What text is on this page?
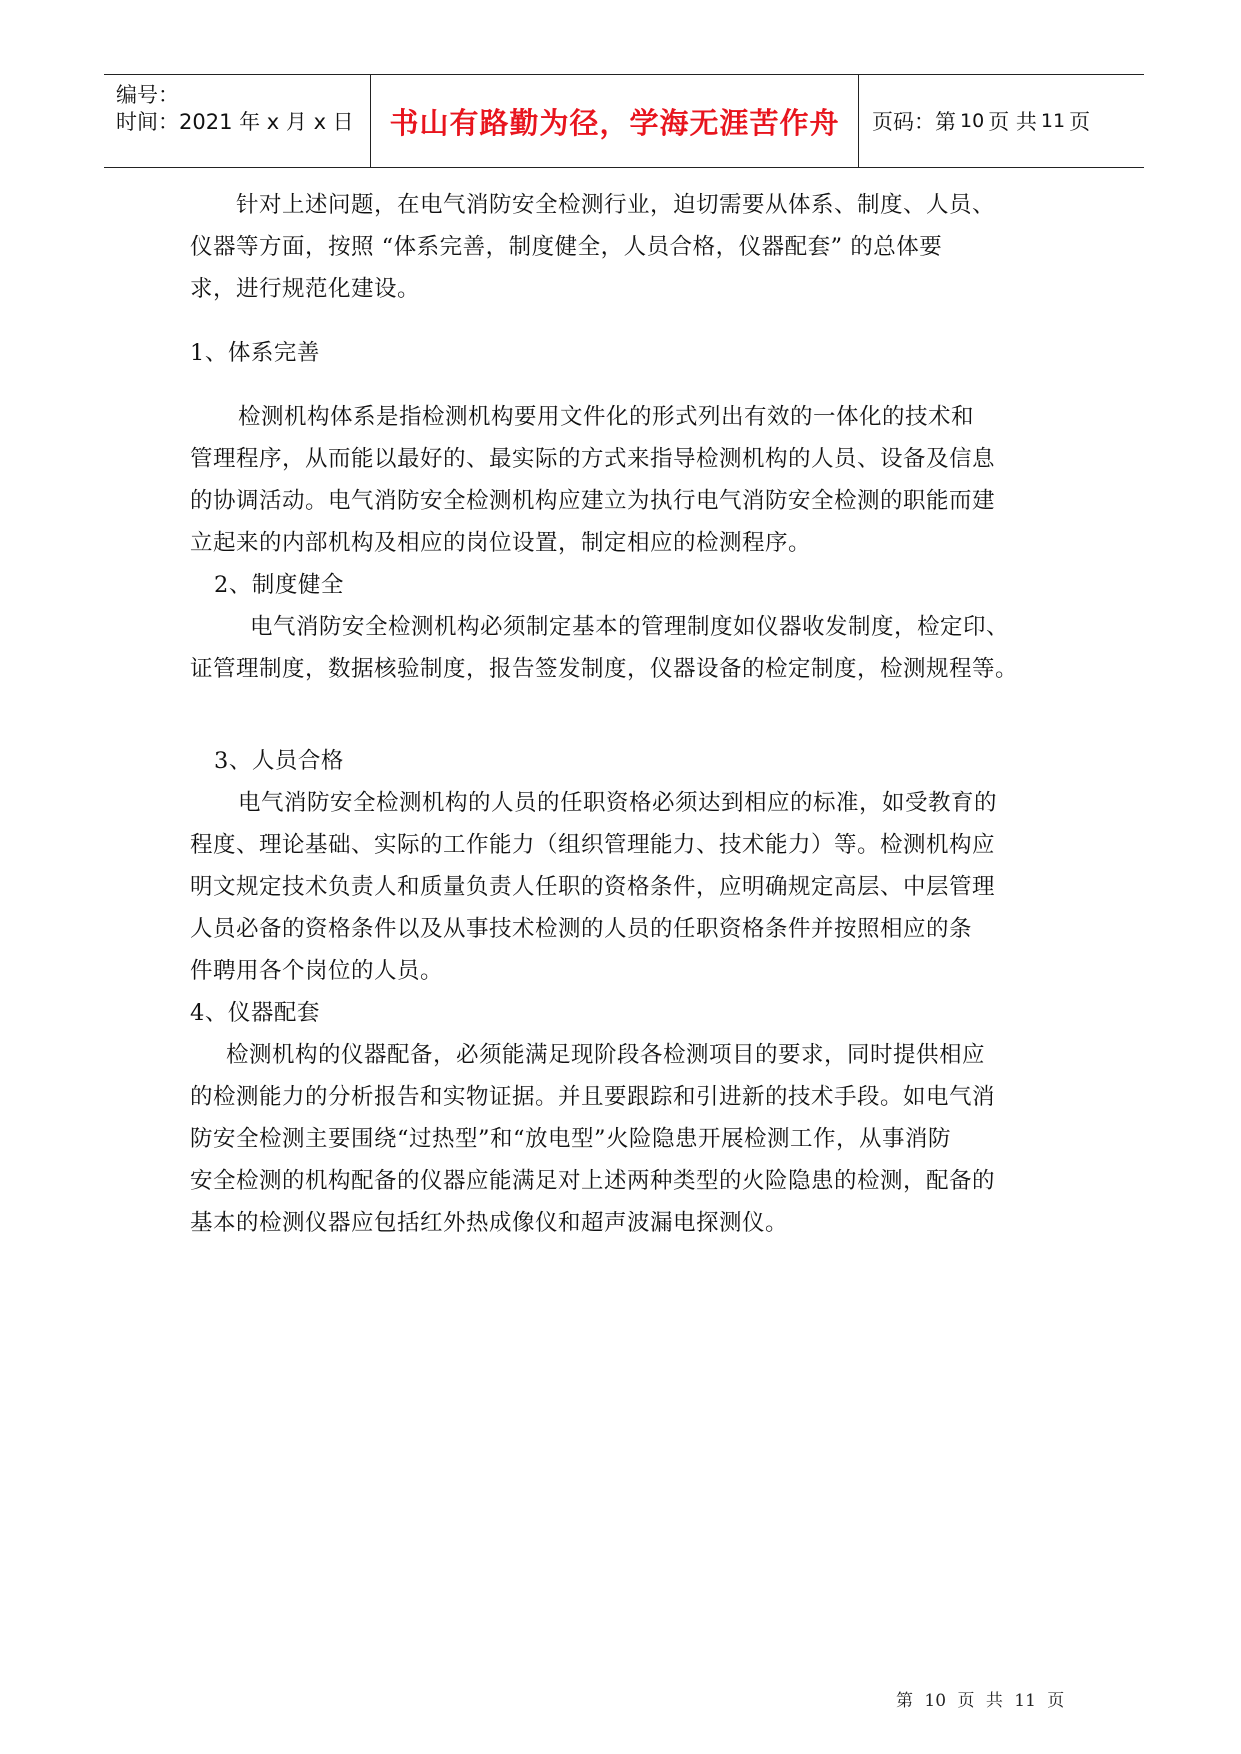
编号：
时间：2021 年 x 月 x 日	书山有路勤为径，学海无涯苦作舟	页码：第 10 页 共 11 页
针对上述问题，在电气消防安全检测行业，迫切需要从体系、制度、人员、
仪器等方面，按照 “体系完善，制度健全，人员合格，仪器配套” 的总体要
求，进行规范化建设。
1、体系完善
检测机构体系是指检测机构要用文件化的形式列出有效的一体化的技术和
管理程序，从而能以最好的、最实际的方式来指导检测机构的人员、设备及信息
的协调活动。电气消防安全检测机构应建立为执行电气消防安全检测的职能而建
立起来的内部机构及相应的岗位设置，制定相应的检测程序。
2、制度健全
电气消防安全检测机构必须制定基本的管理制度如仪器收发制度，检定印、
证管理制度，数据核验制度，报告签发制度，仪器设备的检定制度，检测规程等。
3、人员合格
电气消防安全检测机构的人员的任职资格必须达到相应的标准，如受教育的
程度、理论基础、实际的工作能力（组织管理能力、技术能力）等。检测机构应
明文规定技术负责人和质量负责人任职的资格条件，应明确规定高层、中层管理
人员必备的资格条件以及从事技术检测的人员的任职资格条件并按照相应的条
件聘用各个岗位的人员。
4、仪器配套
检测机构的仪器配备，必须能满足现阶段各检测项目的要求，同时提供相应
的检测能力的分析报告和实物证据。并且要跟踪和引进新的技术手段。如电气消
防安全检测主要围绕“过热型”和“放电型”火险隐患开展检测工作，从事消防
安全检测的机构配备的仪器应能满足对上述两种类型的火险隐患的检测，配备的
基本的检测仪器应包括红外热成像仪和超声波漏电探测仪。
第 10 页 共 11 页
